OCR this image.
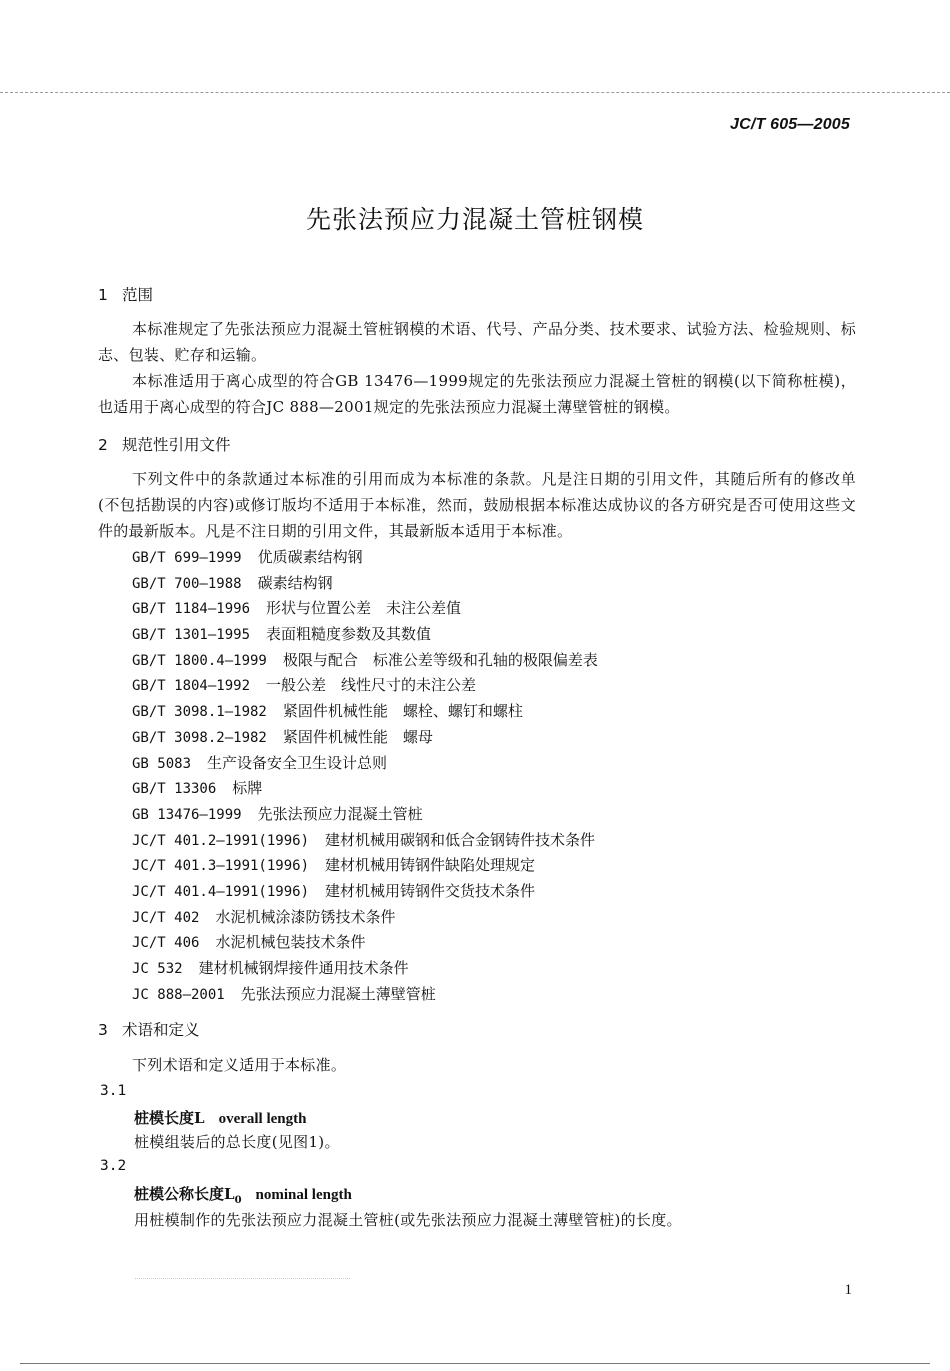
JC/T 605—2005
先张法预应力混凝土管桩钢模
1 范围
本标准规定了先张法预应力混凝土管桩钢模的术语、代号、产品分类、技术要求、试验方法、检验规则、标志、包装、贮存和运输。
本标准适用于离心成型的符合GB 13476—1999规定的先张法预应力混凝土管桩的钢模(以下简称桩模)，也适用于离心成型的符合JC 888—2001规定的先张法预应力混凝土薄壁管桩的钢模。
2 规范性引用文件
下列文件中的条款通过本标准的引用而成为本标准的条款。凡是注日期的引用文件，其随后所有的修改单(不包括勘误的内容)或修订版均不适用于本标准，然而，鼓励根据本标准达成协议的各方研究是否可使用这些文件的最新版本。凡是不注日期的引用文件，其最新版本适用于本标准。
GB/T 699—1999 优质碳素结构钢
GB/T 700—1988 碳素结构钢
GB/T 1184—1996 形状与位置公差　未注公差值
GB/T 1301—1995 表面粗糙度参数及其数值
GB/T 1800.4—1999 极限与配合　标准公差等级和孔轴的极限偏差表
GB/T 1804—1992 一般公差　线性尺寸的未注公差
GB/T 3098.1—1982 紧固件机械性能　螺栓、螺钉和螺柱
GB/T 3098.2—1982 紧固件机械性能　螺母
GB 5083 生产设备安全卫生设计总则
GB/T 13306 标牌
GB 13476—1999 先张法预应力混凝土管桩
JC/T 401.2—1991(1996) 建材机械用碳钢和低合金钢铸件技术条件
JC/T 401.3—1991(1996) 建材机械用铸钢件缺陷处理规定
JC/T 401.4—1991(1996) 建材机械用铸钢件交货技术条件
JC/T 402 水泥机械涂漆防锈技术条件
JC/T 406 水泥机械包装技术条件
JC 532 建材机械钢焊接件通用技术条件
JC 888—2001 先张法预应力混凝土薄壁管桩
3 术语和定义
下列术语和定义适用于本标准。
3.1
桩模长度L overall length
桩模组装后的总长度(见图1)。
3.2
桩模公称长度$L_0$ nominal length
用桩模制作的先张法预应力混凝土管桩(或先张法预应力混凝土薄壁管桩)的长度。
1
